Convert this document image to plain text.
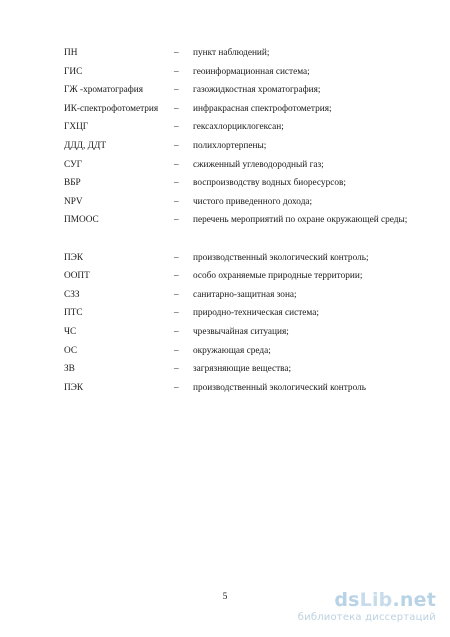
ПН	– пункт наблюдений;
ГИС	– геоинформационная система;
ГЖ -хроматография	– газожидкостная хроматография;
ИК-спектрофотометрия – инфракрасная спектрофотометрия;
ГХЦГ	– гексахлорциклогексан;
ДДД, ДДТ	– полихлортерпены;
СУГ	– сжиженный углеводородный газ;
ВБР	– воспроизводству водных биоресурсов;
NPV	– чистого приведенного дохода;
ПМООС	– перечень мероприятий по охране окружающей среды;
ПЭК	– производственный экологический контроль;
ООПТ	– особо охраняемые природные территории;
СЗЗ	– санитарно-защитная зона;
ПТС	– природно-техническая система;
ЧС	– чрезвычайная ситуация;
ОС	– окружающая среда;
ЗВ	– загрязняющие вещества;
ПЭК	– производственный экологический контроль
5	dsLib.net
библиотека диссертаций
